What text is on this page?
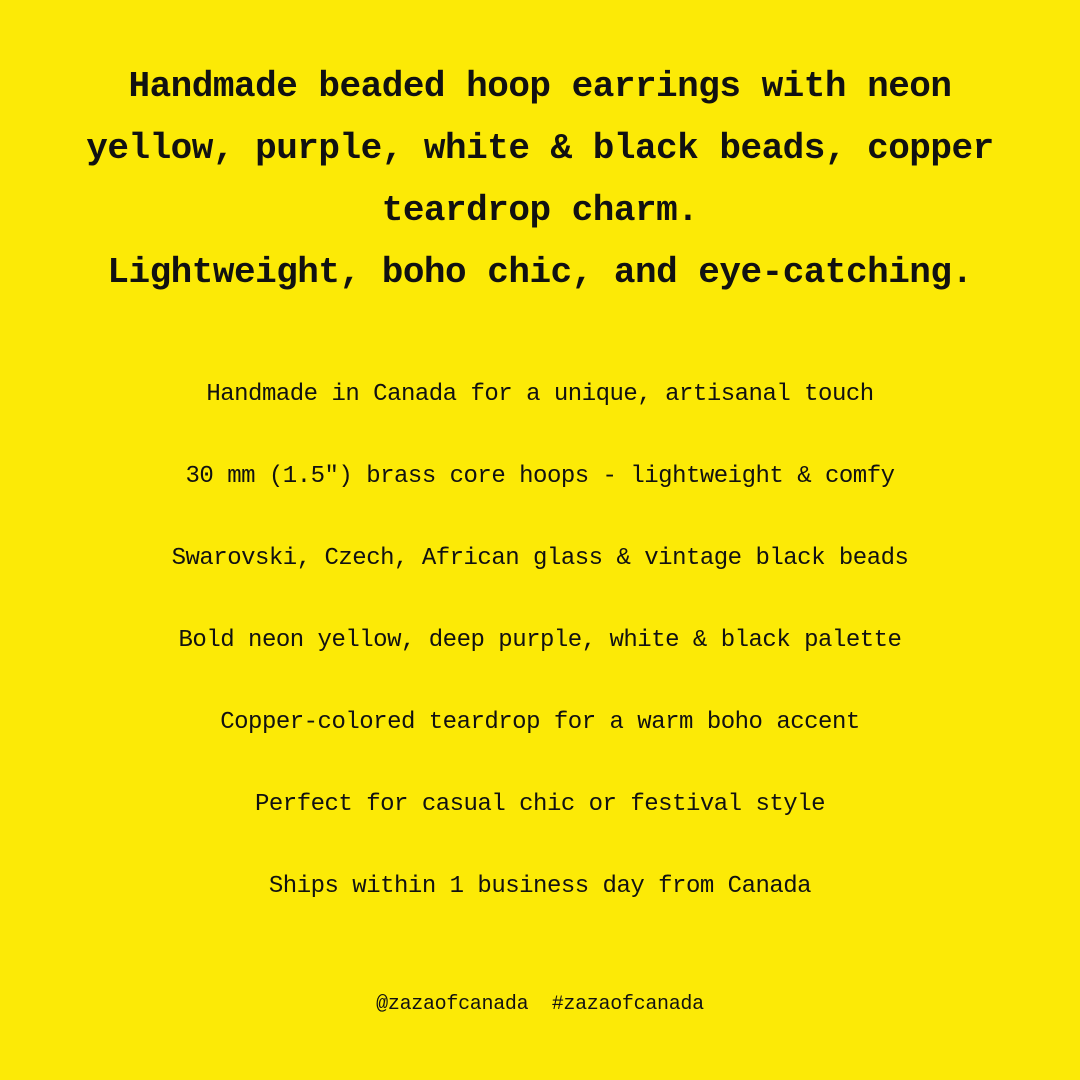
Handmade beaded hoop earrings with neon
yellow, purple, white & black beads, copper
teardrop charm.
Lightweight, boho chic, and eye-catching.
Handmade in Canada for a unique, artisanal touch
30 mm (1.5") brass core hoops - lightweight & comfy
Swarovski, Czech, African glass & vintage black beads
Bold neon yellow, deep purple, white & black palette
Copper-colored teardrop for a warm boho accent
Perfect for casual chic or festival style
Ships within 1 business day from Canada
@zazaofcanada  #zazaofcanada
